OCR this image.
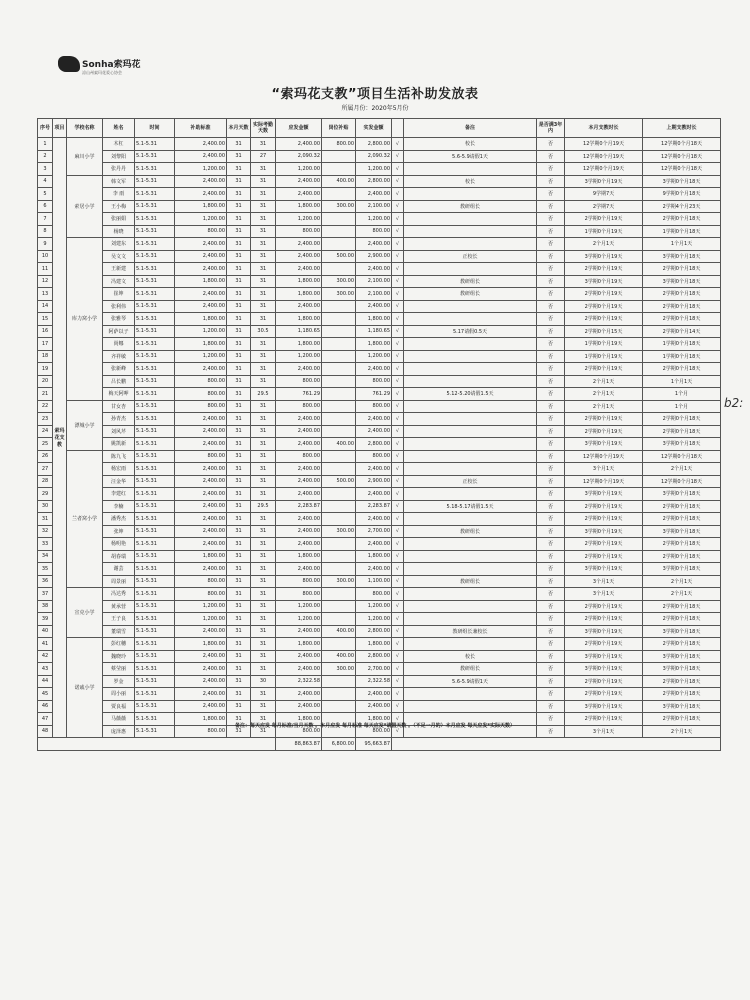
Sonha索玛花
凉山州索玛花爱心协会
“索玛花支教”项目生活补助发放表
所属月份：2020年5月份
序号	项目	学校名称	姓名	时间	补助标准	本月天数	实际考勤天数	应发金额	岗位补贴	实发金额		备注	是否满3年内	本月支教时长	上期支教时长
1	索玛花支教	麻川小学	木杠	5.1-5.31	2,400.00	31	31	2,400.00	800.00	2,800.00	√	校长	否	12学期0个月19天	12学期0个月18天
2			刘黎阳	5.1-5.31	2,400.00	31	27	2,090.32		2,090.32	√	5.6-5.9请假1天	否	12学期0个月19天	12学期0个月18天
3			张丹丹	5.1-5.31	1,200.00	31	31	1,200.00		1,200.00	√		否	12学期0个月19天	12学期0个月18天
4		索居小学	韩文军	5.1-5.31	2,400.00	31	31	2,400.00	400.00	2,800.00	√	校长	否	3学期0个月19天	3学期0个月18天
5			李 雨	5.1-5.31	2,400.00	31	31	2,400.00		2,400.00	√		否	9学期7天	9学期0个月18天
6			王小梅	5.1-5.31	1,800.00	31	31	1,800.00	300.00	2,100.00	√	教研组长	否	2学期7天	2学期4个月23天
7			张丽娟	5.1-5.31	1,200.00	31	31	1,200.00		1,200.00	√		否	2学期0个月19天	2学期0个月18天
8			杨晓	5.1-5.31	800.00	31	31	800.00		800.00	√		否	1学期0个月19天	1学期0个月18天
9		库力窝小学	刘建东	5.1-5.31	2,400.00	31	31	2,400.00		2,400.00	√		否	2个月1天	1个月1天
10			吴文文	5.1-5.31	2,400.00	31	31	2,400.00	500.00	2,900.00	√	正校长	否	3学期0个月19天	3学期0个月18天
11			王新建	5.1-5.31	2,400.00	31	31	2,400.00		2,400.00	√		否	2学期0个月19天	2学期0个月18天
12			冯建文	5.1-5.31	1,800.00	31	31	1,800.00	300.00	2,100.00	√	教研组长	否	3学期0个月19天	3学期0个月18天
13			崔坤	5.1-5.31	2,400.00	31	31	1,800.00	300.00	2,100.00	√	教研组长	否	2学期0个月19天	2学期0个月18天
14			张利伟	5.1-5.31	2,400.00	31	31	2,400.00		2,400.00	√		否	2学期0个月19天	2学期0个月18天
15			张雅琴	5.1-5.31	1,800.00	31	31	1,800.00		1,800.00	√		否	2学期0个月19天	2学期0个月18天
16			阿萨以子	5.1-5.31	1,200.00	31	30.5	1,180.65		1,180.65	√	5.17请假0.5天	否	2学期0个月15天	2学期0个月14天
17			尚娜	5.1-5.31	1,800.00	31	31	1,800.00		1,800.00	√		否	1学期0个月19天	1学期0个月18天
18			齐祥敏	5.1-5.31	1,200.00	31	31	1,200.00		1,200.00	√		否	1学期0个月19天	1学期0个月18天
19			张新峰	5.1-5.31	2,400.00	31	31	2,400.00		2,400.00	√		否	2学期0个月19天	2学期0个月18天
20			吕长鹏	5.1-5.31	800.00	31	31	800.00		800.00	√		否	2个月1天	1个月1天
21			梅天阿呷	5.1-5.31	800.00	31	29.5	761.29		761.29	√	5.12-5.20请假1.5天	否	2个月1天	1个月
22		漂城小学	甘女杏	5.1-5.31	800.00	31	31	800.00		800.00	√		否	2个月1天	1个月
23			孙青杰	5.1-5.31	2,400.00	31	31	2,400.00		2,400.00	√		否	2学期0个月19天	2学期0个月18天
24			刘风芹	5.1-5.31	2,400.00	31	31	2,400.00		2,400.00	√		否	2学期0个月19天	2学期0个月18天
25			姚凯新	5.1-5.31	2,400.00	31	31	2,400.00	400.00	2,800.00	√		否	3学期0个月19天	3学期0个月18天
26		兰者窝小学	陈九飞	5.1-5.31	800.00	31	31	800.00		800.00	√		否	12学期0个月19天	12学期0个月18天
27			杨宏雨	5.1-5.31	2,400.00	31	31	2,400.00		2,400.00	√		否	3个月1天	2个月1天
28			汪金华	5.1-5.31	2,400.00	31	31	2,400.00	500.00	2,900.00	√	正校长	否	12学期0个月19天	12学期0个月18天
29			李建红	5.1-5.31	2,400.00	31	31	2,400.00		2,400.00	√		否	3学期0个月19天	3学期0个月18天
30			李楠	5.1-5.31	2,400.00	31	29.5	2,283.87		2,283.87	√	5.18-5.17请假1.5天	否	2学期0个月19天	2学期0个月18天
31			潘秀杰	5.1-5.31	2,400.00	31	31	2,400.00		2,400.00	√		否	2学期0个月19天	2学期0个月18天
32			张坤	5.1-5.31	2,400.00	31	31	2,400.00	300.00	2,700.00	√	教研组长	否	3学期0个月19天	3学期0个月18天
33			杨明艳	5.1-5.31	2,400.00	31	31	2,400.00		2,400.00	√		否	2学期0个月19天	2学期0个月18天
34			胡春瑞	5.1-5.31	1,800.00	31	31	1,800.00		1,800.00	√		否	2学期0个月19天	2学期0个月18天
35			谢芸	5.1-5.31	2,400.00	31	31	2,400.00		2,400.00	√		否	3学期0个月19天	3学期0个月18天
36			周景丽	5.1-5.31	800.00	31	31	800.00	300.00	1,100.00	√	教研组长	否	3个月1天	2个月1天
37		宣克小学	冯达秀	5.1-5.31	800.00	31	31	800.00		800.00	√		否	3个月1天	2个月1天
38			黄承营	5.1-5.31	1,200.00	31	31	1,200.00		1,200.00	√		否	2学期0个月19天	2学期0个月18天
39			王子良	5.1-5.31	1,200.00	31	31	1,200.00		1,200.00	√		否	2学期0个月19天	2学期0个月18天
40			董瑞雪	5.1-5.31	2,400.00	31	31	2,400.00	400.00	2,800.00	√	教研组长兼校长	否	3学期0个月19天	3学期0个月18天
41		诺戚小学	彭红穗	5.1-5.31	1,800.00	31	31	1,800.00		1,800.00	√		否	2学期0个月19天	2学期0个月18天
42			魏晓玲	5.1-5.31	2,400.00	31	31	2,400.00	400.00	2,800.00	√	校长	否	3学期0个月19天	3学期0个月18天
43			蔡莹丽	5.1-5.31	2,400.00	31	31	2,400.00	300.00	2,700.00	√	教研组长	否	3学期0个月19天	3学期0个月18天
44			罗金	5.1-5.31	2,400.00	31	30	2,322.58		2,322.58	√	5.6-5.9请假1天	否	2学期0个月19天	2学期0个月18天
45			周小丽	5.1-5.31	2,400.00	31	31	2,400.00		2,400.00	√		否	2学期0个月19天	2学期0个月18天
46			贾良福	5.1-5.31	2,400.00	31	31	2,400.00		2,400.00	√		否	3学期0个月19天	3学期0个月18天
47			马薇薇	5.1-5.31	1,800.00	31	31	1,800.00		1,800.00	√		否	2学期0个月19天	2学期0个月18天
48			庞泽惠	5.1-5.31	800.00	31	31	800.00		800.00	√		否	3个月1天	2个月1天
								88,863.87	6,800.00	95,663.87					
备注：每天应发 每月标准/当月天数 。本月应发 每月标准 每天应发*请假天数 。（不足一月的）本月应发 每天应发*实际天数）
b2:
